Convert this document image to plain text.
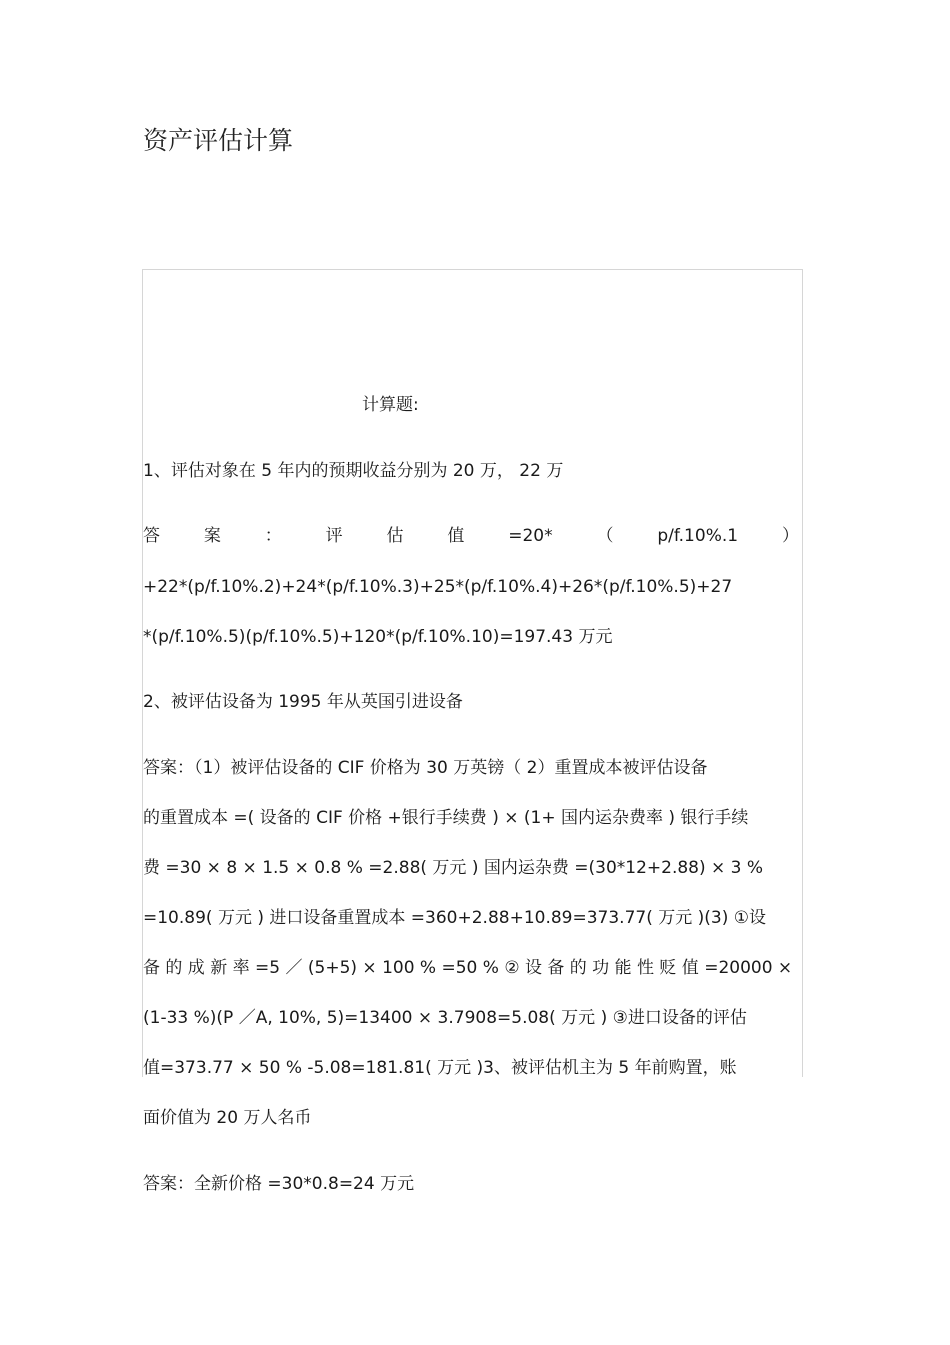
资产评估计算
计算题:
1、评估对象在 5 年内的预期收益分别为 20 万， 22 万
答	案	：	评	估	值	=20*	（	p/f.10%.1	）
+22*(p/f.10%.2)+24*(p/f.10%.3)+25*(p/f.10%.4)+26*(p/f.10%.5)+27
*(p/f.10%.5)(p/f.10%.5)+120*(p/f.10%.10)=197.43 万元
2、被评估设备为 1995 年从英国引进设备
答案：（1）被评估设备的 CIF 价格为 30 万英镑（ 2）重置成本被评估设备
的重置成本 =( 设备的 CIF 价格 +银行手续费 ) × (1+ 国内运杂费率 ) 银行手续
费 =30 × 8 × 1.5 × 0.8 % =2.88( 万元 ) 国内运杂费 =(30*12+2.88) × 3 %
=10.89( 万元 ) 进口设备重置成本 =360+2.88+10.89=373.77( 万元 )(3) ①设
备 的 成 新 率 =5 ／ (5+5) × 100 % =50 % ② 设 备 的 功 能 性 贬 值 =20000 ×
(1-33 %)(P ／A, 10%, 5)=13400 × 3.7908=5.08( 万元 ) ③进口设备的评估
值=373.77 × 50 % -5.08=181.81( 万元 )3、被评估机主为 5 年前购置，账
面价值为 20 万人名币
答案：全新价格 =30*0.8=24 万元
